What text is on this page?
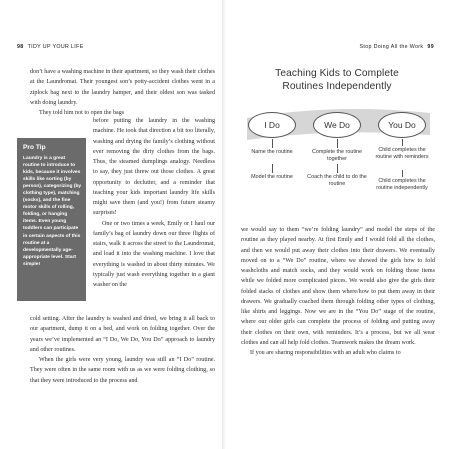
98 TIDY UP YOUR LIFE

don’t have a washing machine in their apartment, so they wash their clothes at the Laundromat. Their youngest son’s potty-accident clothes went in a ziplock bag next to the laundry hamper, and their oldest son was tasked with doing laundry.

They told him not to open the bags

Pro Tip
Laundry is a great routine to introduce to kids, because it involves skills like sorting (by person), categorizing (by clothing type), matching (socks), and the fine motor skills of rolling, folding, or hanging items. Even young toddlers can participate in certain aspects of this routine at a developmentally age-appropriate level. Start simple!

before putting the laundry in the washing machine. He took that direction a bit too literally, washing and drying the family’s clothing without ever removing the dirty clothes from the bags. Thus, the steamed dumplings analogy. Needless to say, they just threw out those clothes. A great opportunity to declutter, and a reminder that teaching your kids important laundry life skills might save them (and you!) from future steamy surprises!

One or two times a week, Emily or I haul our family’s bag of laundry down our three flights of stairs, walk it across the street to the Laundromat, and load it into the washing machine. I love that everything is washed in about thirty minutes. We typically just wash everything together in a giant washer on the

cold setting. After the laundry is washed and dried, we bring it all back to our apartment, dump it on a bed, and work on folding together. Over the years we’ve implemented an “I Do, We Do, You Do” approach to laundry and other routines.

When the girls were very young, laundry was still an “I Do” routine. They were often in the same room with us as we were folding clothing, so that they were introduced to the process and

Stop Doing All the Work 99
Teaching Kids to Complete
Routines Independently
I Do	We Do	You Do
Name the routine
Model the routine
Complete the routine together
Coach the child to do the routine
Child completes the routine with reminders
Child completes the routine independently

we would say to them “we’re folding laundry” and model the steps of the routine as they played nearby. At first Emily and I would fold all the clothes, and then we would put away their clothes into their drawers. We eventually moved on to a “We Do” routine, where we showed the girls how to fold washcloths and match socks, and they would work on folding those items while we folded more complicated pieces. We would also give the girls their folded stacks of clothes and show them where/how to put them away in their drawers. We gradually coached them through folding other types of clothing, like shirts and leggings. Now we are in the “You Do” stage of the routine, where our older girls can complete the process of folding and putting away their clothes on their own, with reminders. It’s a process, but we all wear clothes and can all help fold clothes. Teamwork makes the dream work.

If you are sharing responsibilities with an adult who claims to
